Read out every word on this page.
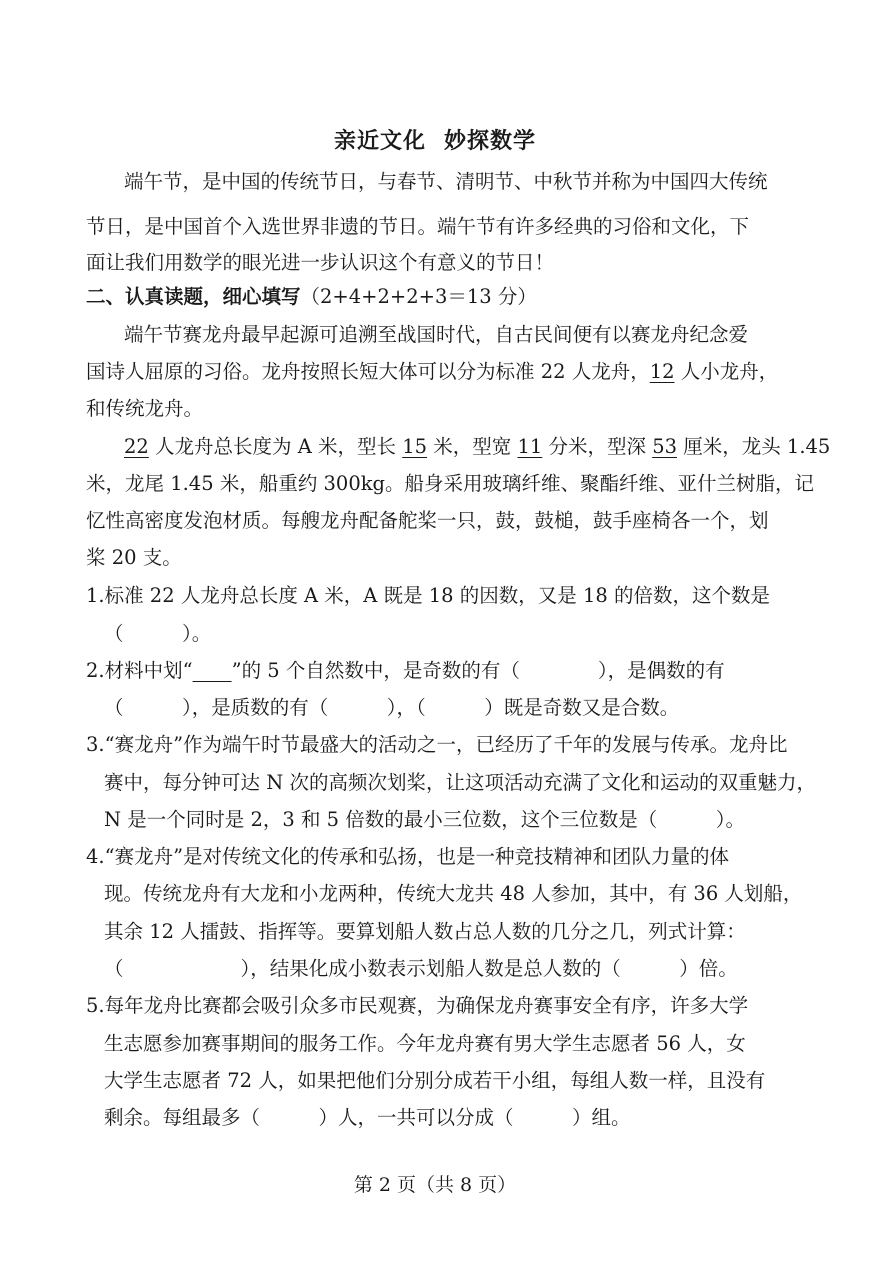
亲近文化 妙探数学
端午节，是中国的传统节日，与春节、清明节、中秋节并称为中国四大传统
节日，是中国首个入选世界非遗的节日。端午节有许多经典的习俗和文化，下
面让我们用数学的眼光进一步认识这个有意义的节日！
二、认真读题，细心填写（2+4+2+2+3＝13 分）
端午节赛龙舟最早起源可追溯至战国时代，自古民间便有以赛龙舟纪念爱
国诗人屈原的习俗。龙舟按照长短大体可以分为标准 22 人龙舟，12 人小龙舟，
和传统龙舟。
22 人龙舟总长度为 A 米，型长 15 米，型宽 11 分米，型深 53 厘米，龙头 1.45
米，龙尾 1.45 米，船重约 300kg。船身采用玻璃纤维、聚酯纤维、亚什兰树脂，记
忆性高密度发泡材质。每艘龙舟配备舵桨一只，鼓，鼓槌，鼓手座椅各一个，划
桨 20 支。
1.标准 22 人龙舟总长度 A 米，A 既是 18 的因数，又是 18 的倍数，这个数是
（　　　）。
2.材料中划“　　 ”的 5 个自然数中，是奇数的有（　　　　），是偶数的有
（　　　），是质数的有（　　　），（　　　）既是奇数又是合数。
3.“赛龙舟”作为端午时节最盛大的活动之一，已经历了千年的发展与传承。龙舟比
赛中，每分钟可达 N 次的高频次划桨，让这项活动充满了文化和运动的双重魅力，
N 是一个同时是 2，3 和 5 倍数的最小三位数，这个三位数是（　　　）。
4.“赛龙舟”是对传统文化的传承和弘扬，也是一种竞技精神和团队力量的体
现。传统龙舟有大龙和小龙两种，传统大龙共 48 人参加，其中，有 36 人划船，
其余 12 人擂鼓、指挥等。要算划船人数占总人数的几分之几，列式计算：
（　　　　　　），结果化成小数表示划船人数是总人数的（　　　）倍。
5.每年龙舟比赛都会吸引众多市民观赛，为确保龙舟赛事安全有序，许多大学
生志愿参加赛事期间的服务工作。今年龙舟赛有男大学生志愿者 56 人，女
大学生志愿者 72 人，如果把他们分别分成若干小组，每组人数一样，且没有
剩余。每组最多（　　　）人，一共可以分成（　　　）组。
第 2 页（共 8 页）
